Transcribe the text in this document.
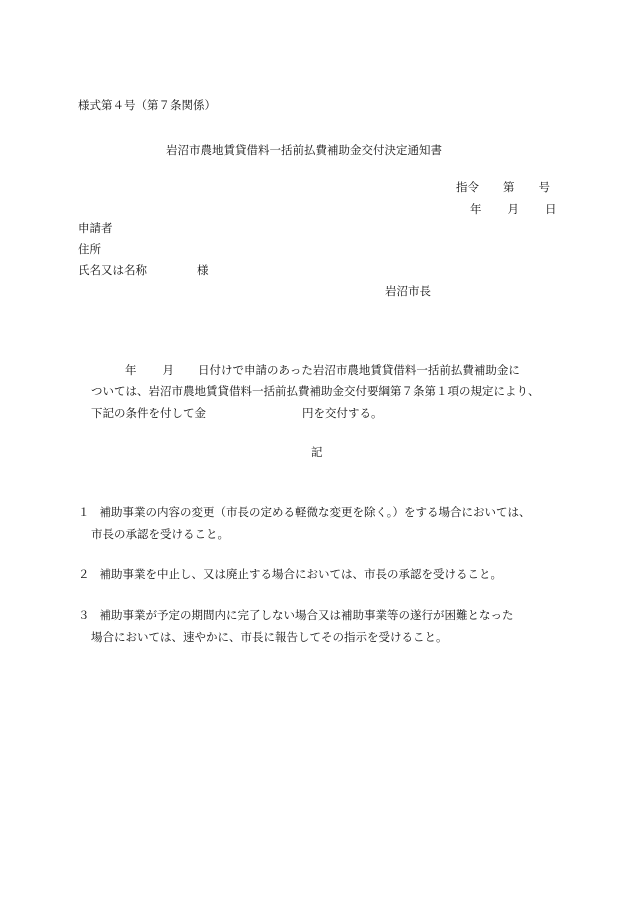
様式第４号（第７条関係）
岩沼市農地賃貸借料一括前払費補助金交付決定通知書
指令 第 号
年 月 日
申請者
住所
氏名又は名称	様
岩沼市長
年 月 日付けで申請のあった岩沼市農地賃貸借料一括前払費補助金に
ついては、岩沼市農地賃貸借料一括前払費補助金交付要綱第７条第１項の規定により、
下記の条件を付して金	円を交付する。
記
１ 補助事業の内容の変更（市長の定める軽微な変更を除く。）をする場合においては、
市長の承認を受けること。
２ 補助事業を中止し、又は廃止する場合においては、市長の承認を受けること。
３ 補助事業が予定の期間内に完了しない場合又は補助事業等の遂行が困難となった
場合においては、速やかに、市長に報告してその指示を受けること。
